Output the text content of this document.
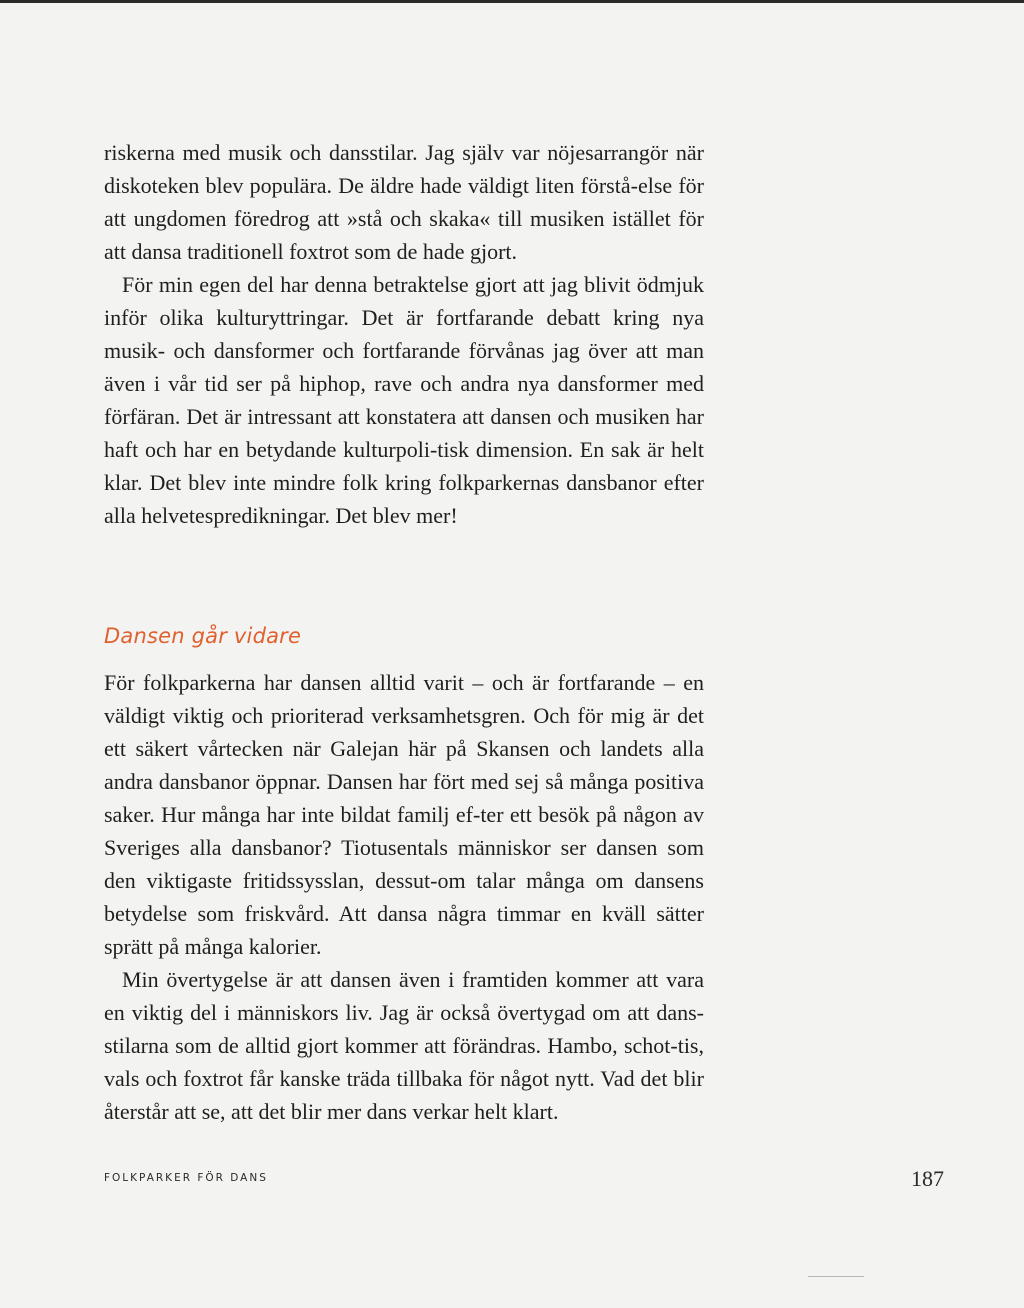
riskerna med musik och dansstilar. Jag själv var nöjesarrangör när diskoteken blev populära. De äldre hade väldigt liten förstå-else för att ungdomen föredrog att »stå och skaka« till musiken istället för att dansa traditionell foxtrot som de hade gjort.

För min egen del har denna betraktelse gjort att jag blivit ödmjuk inför olika kulturyttringar. Det är fortfarande debatt kring nya musik- och dansformer och fortfarande förvånas jag över att man även i vår tid ser på hiphop, rave och andra nya dansformer med förfäran. Det är intressant att konstatera att dansen och musiken har haft och har en betydande kulturpoli-tisk dimension. En sak är helt klar. Det blev inte mindre folk kring folkparkernas dansbanor efter alla helvetespredikningar. Det blev mer!

Dansen går vidare

För folkparkerna har dansen alltid varit – och är fortfarande – en väldigt viktig och prioriterad verksamhetsgren. Och för mig är det ett säkert vårtecken när Galejan här på Skansen och landets alla andra dansbanor öppnar. Dansen har fört med sej så många positiva saker. Hur många har inte bildat familj ef-ter ett besök på någon av Sveriges alla dansbanor? Tiotusentals människor ser dansen som den viktigaste fritidssysslan, dessut-om talar många om dansens betydelse som friskvård. Att dansa några timmar en kväll sätter sprätt på många kalorier.

Min övertygelse är att dansen även i framtiden kommer att vara en viktig del i människors liv. Jag är också övertygad om att dans-stilarna som de alltid gjort kommer att förändras. Hambo, schot-tis, vals och foxtrot får kanske träda tillbaka för något nytt. Vad det blir återstår att se, att det blir mer dans verkar helt klart.

FOLKPARKER FÖR DANS	187
